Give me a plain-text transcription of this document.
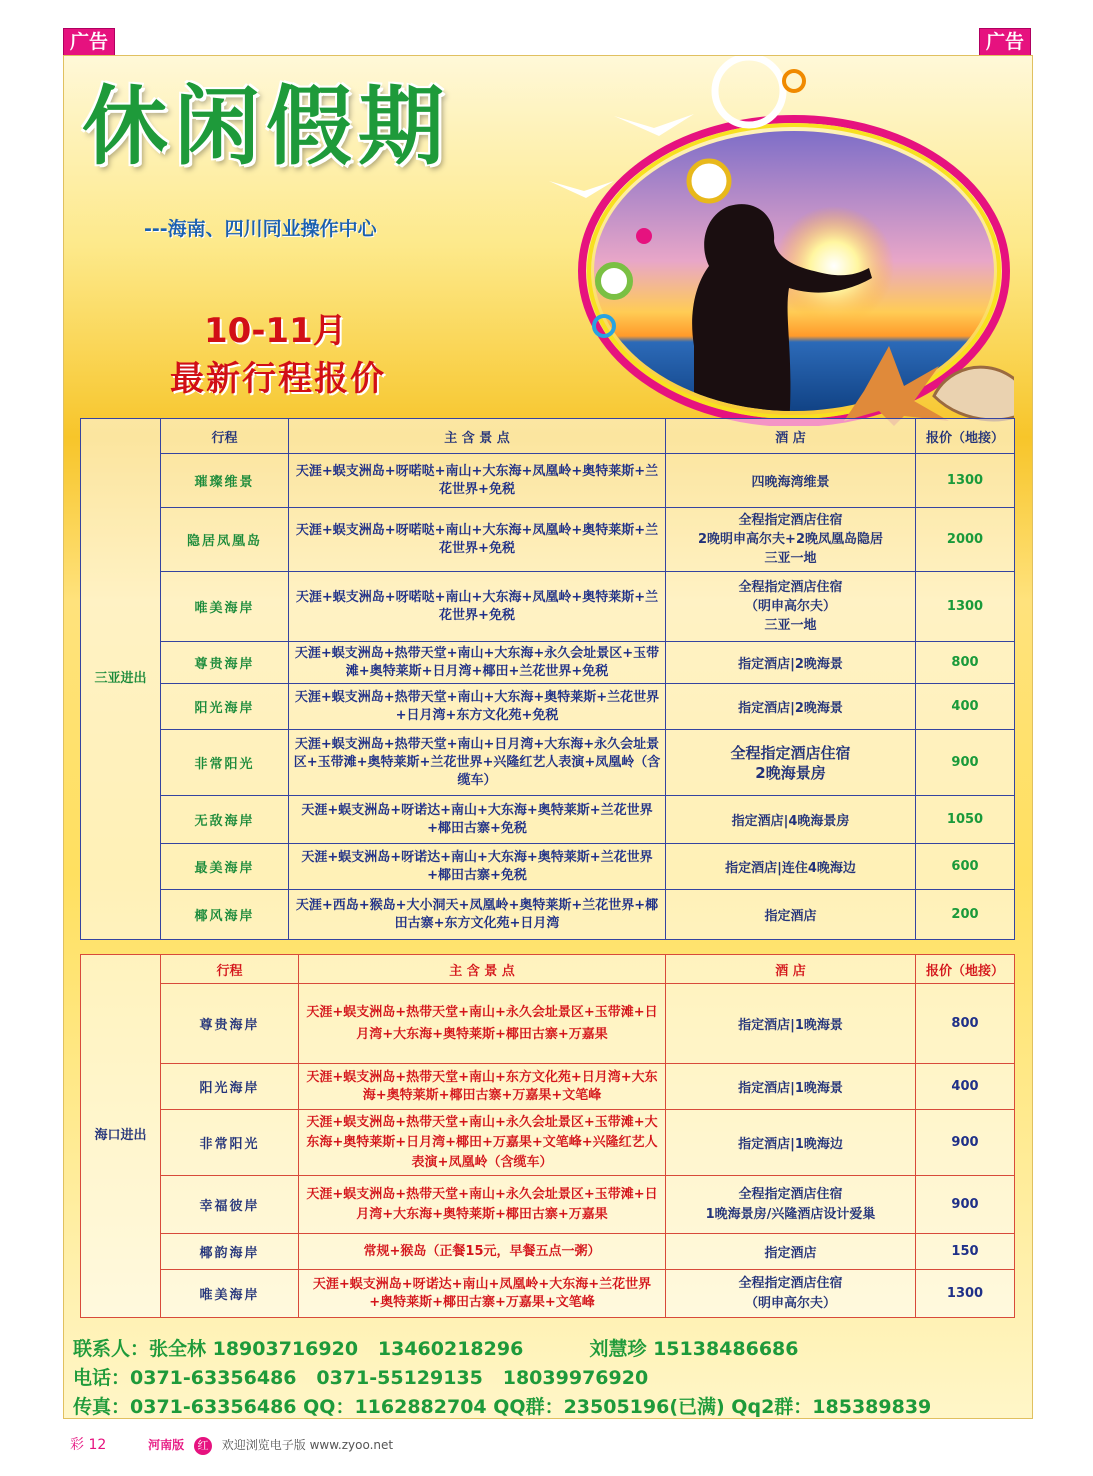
广告	广告
休闲假期
---海南、四川同业操作中心
10-11月
最新行程报价
三亚进出	行程	主 含 景 点	酒 店	报价（地接）
	璀璨维景	天涯+蜈支洲岛+呀喏哒+南山+大东海+凤凰岭+奥特莱斯+兰花世界+免税	四晚海湾维景	1300
	隐居凤凰岛	天涯+蜈支洲岛+呀喏哒+南山+大东海+凤凰岭+奥特莱斯+兰花世界+免税	全程指定酒店住宿
2晚明申高尔夫+2晚凤凰岛隐居
三亚一地	2000
	唯美海岸	天涯+蜈支洲岛+呀喏哒+南山+大东海+凤凰岭+奥特莱斯+兰花世界+免税	全程指定酒店住宿
（明申高尔夫）
三亚一地	1300
	尊贵海岸	天涯+蜈支洲岛+热带天堂+南山+大东海+永久会址景区+玉带滩+奥特莱斯+日月湾+椰田+兰花世界+免税	指定酒店|2晚海景	800
	阳光海岸	天涯+蜈支洲岛+热带天堂+南山+大东海+奥特莱斯+兰花世界+日月湾+东方文化苑+免税	指定酒店|2晚海景	400
	非常阳光	天涯+蜈支洲岛+热带天堂+南山+日月湾+大东海+永久会址景区+玉带滩+奥特莱斯+兰花世界+兴隆红艺人表演+凤凰岭（含缆车）	全程指定酒店住宿
2晚海景房	900
	无敌海岸	天涯+蜈支洲岛+呀诺达+南山+大东海+奥特莱斯+兰花世界+椰田古寨+免税	指定酒店|4晚海景房	1050
	最美海岸	天涯+蜈支洲岛+呀诺达+南山+大东海+奥特莱斯+兰花世界+椰田古寨+免税	指定酒店|连住4晚海边	600
	椰风海岸	天涯+西岛+猴岛+大小洞天+凤凰岭+奥特莱斯+兰花世界+椰田古寨+东方文化苑+日月湾	指定酒店	200
海口进出	行程	主 含 景 点	酒 店	报价（地接）
	尊贵海岸	天涯+蜈支洲岛+热带天堂+南山+永久会址景区+玉带滩+日月湾+大东海+奥特莱斯+椰田古寨+万嘉果	指定酒店|1晚海景	800
	阳光海岸	天涯+蜈支洲岛+热带天堂+南山+东方文化苑+日月湾+大东海+奥特莱斯+椰田古寨+万嘉果+文笔峰	指定酒店|1晚海景	400
	非常阳光	天涯+蜈支洲岛+热带天堂+南山+永久会址景区+玉带滩+大东海+奥特莱斯+日月湾+椰田+万嘉果+文笔峰+兴隆红艺人表演+凤凰岭（含缆车）	指定酒店|1晚海边	900
	幸福彼岸	天涯+蜈支洲岛+热带天堂+南山+永久会址景区+玉带滩+日月湾+大东海+奥特莱斯+椰田古寨+万嘉果	全程指定酒店住宿
1晚海景房/兴隆酒店设计爱巢	900
	椰韵海岸	常规+猴岛（正餐15元，早餐五点一粥）	指定酒店	150
	唯美海岸	天涯+蜈支洲岛+呀诺达+南山+凤凰岭+大东海+兰花世界+奥特莱斯+椰田古寨+万嘉果+文笔峰	全程指定酒店住宿
（明申高尔夫）	1300
联系人：张全林 18903716920   13460218296          刘慧珍 15138486686
电话：0371-63356486   0371-55129135   18039976920
传真：0371-63356486 QQ：1162882704 QQ群：23505196(已满) Qq2群：185389839
彩 12	河南版 红 欢迎浏览电子版 www.zyoo.net
